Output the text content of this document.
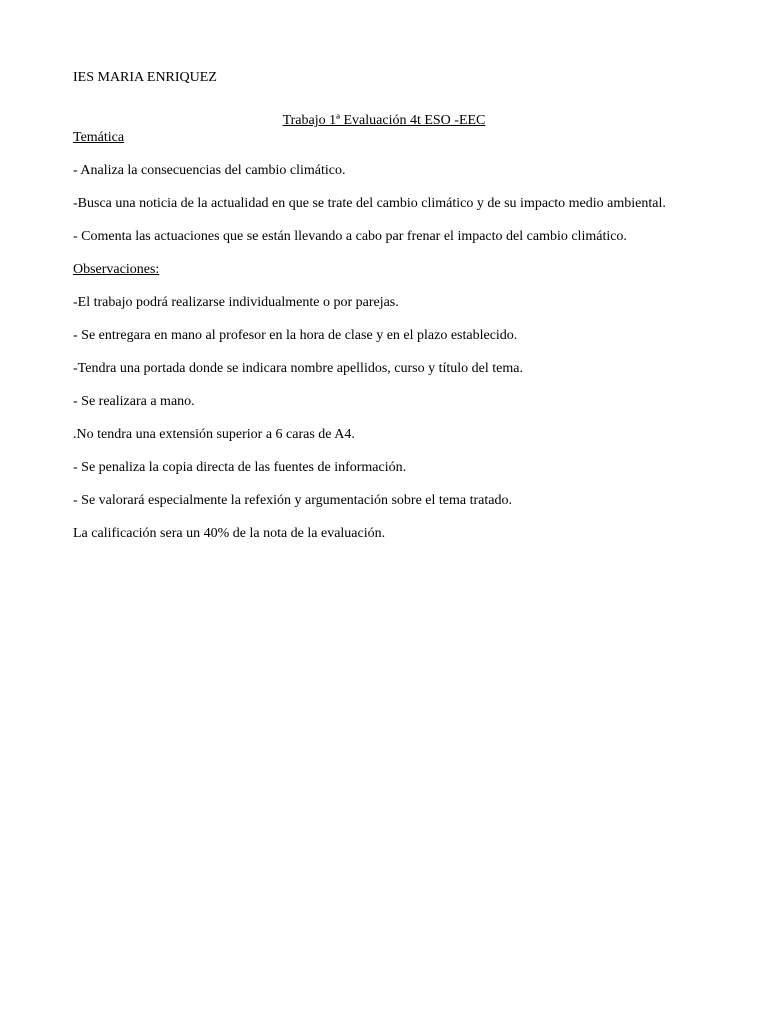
IES MARIA ENRIQUEZ

Trabajo 1ª Evaluación 4t ESO -EEC

Temática

- Analiza la consecuencias del cambio climático.

-Busca una noticia de la actualidad en que se trate del cambio climático y de su impacto medio ambiental.

- Comenta las actuaciones que se están llevando a cabo par frenar el impacto del cambio climático.

Observaciones:

-El trabajo podrá realizarse individualmente o por parejas.

- Se entregara en mano al profesor en la hora de clase y en el plazo establecido.

-Tendra una portada donde se indicara nombre apellidos, curso y título del tema.

- Se realizara a mano.

.No tendra una extensión superior a 6 caras de A4.

- Se penaliza la copia directa de las fuentes de información.

- Se valorará especialmente la refexión y argumentación sobre el tema tratado.

La calificación sera un 40% de la nota de la evaluación.
